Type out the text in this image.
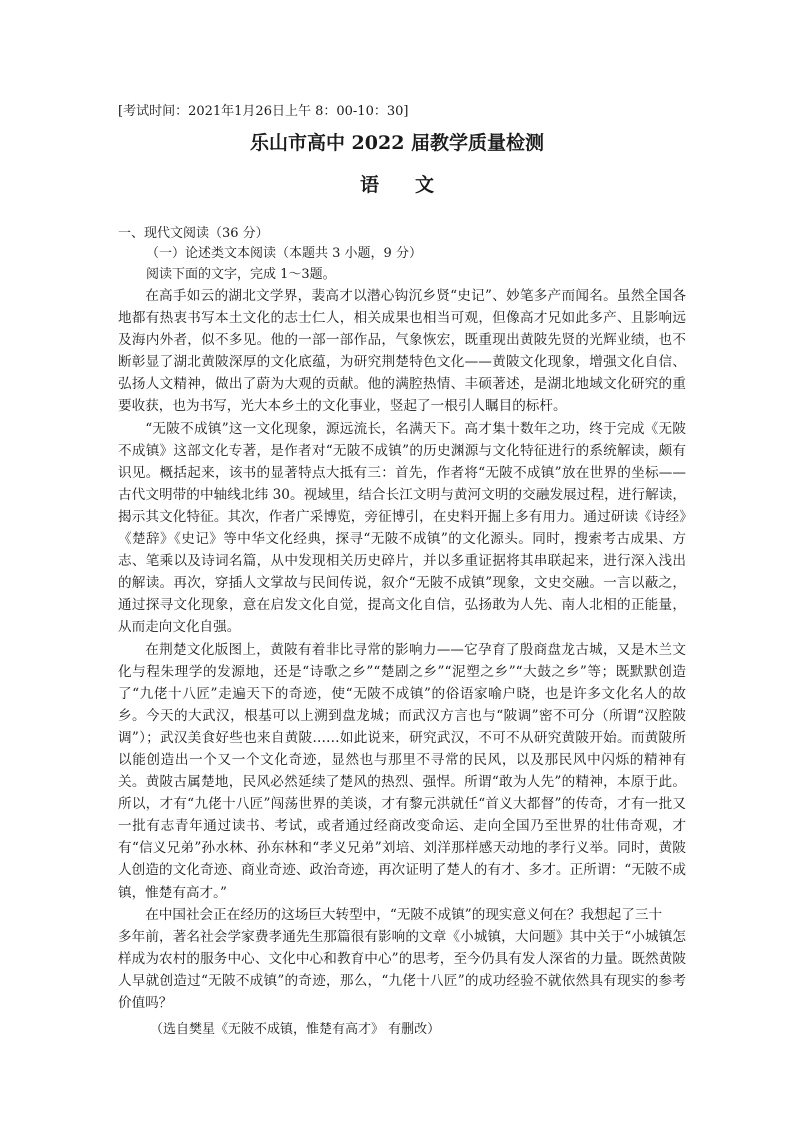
[考试时间：2021年1月26日上午 8：00-10：30]
乐山市高中 2022 届教学质量检测
语文
一、现代文阅读（36 分）
（一）论述类文本阅读（本题共 3 小题，9 分）
阅读下面的文字，完成 1～3题。

在高手如云的湖北文学界，裴高才以潜心钩沉乡贤“史记”、妙笔多产而闻名。虽然全国各地都有热衷书写本土文化的志士仁人，相关成果也相当可观，但像高才兄如此多产、且影响远及海内外者，似不多见。他的一部一部作品，气象恢宏，既重现出黄陂先贤的光辉业绩，也不断彰显了湖北黄陂深厚的文化底蕴，为研究荆楚特色文化——黄陂文化现象，增强文化自信、弘扬人文精神，做出了蔚为大观的贡献。他的满腔热情、丰硕著述，是湖北地域文化研究的重要收获，也为书写，光大本乡土的文化事业，竖起了一根引人瞩目的标杆。

“无陂不成镇”这一文化现象，源远流长，名满天下。高才集十数年之功，终于完成《无陂不成镇》这部文化专著，是作者对“无陂不成镇”的历史渊源与文化特征进行的系统解读，颇有识见。概括起来，该书的显著特点大抵有三：首先，作者将“无陂不成镇”放在世界的坐标——古代文明带的中轴线北纬 30。视域里，结合长江文明与黄河文明的交融发展过程，进行解读，揭示其文化特征。其次，作者广采博览，旁征博引，在史料开掘上多有用力。通过研读《诗经》《楚辞》《史记》等中华文化经典，探寻“无陂不成镇”的文化源头。同时，搜索考古成果、方志、笔乘以及诗词名篇，从中发现相关历史碎片，并以多重证据将其串联起来，进行深入浅出的解读。再次，穿插人文掌故与民间传说，叙介“无陂不成镇”现象，文史交融。一言以蔽之，通过探寻文化现象，意在启发文化自觉，提高文化自信，弘扬敢为人先、南人北相的正能量，从而走向文化自强。

在荆楚文化版图上，黄陂有着非比寻常的影响力——它孕育了殷商盘龙古城，又是木兰文化与程朱理学的发源地，还是“诗歌之乡”“楚剧之乡”“泥塑之乡”“大鼓之乡”等；既默默创造了“九佬十八匠”走遍天下的奇迹，使“无陂不成镇”的俗语家喻户晓，也是许多文化名人的故乡。今天的大武汉，根基可以上溯到盘龙城；而武汉方言也与“陂调”密不可分（所谓“汉腔陂调”）；武汉美食好些也来自黄陂……如此说来，研究武汉，不可不从研究黄陂开始。而黄陂所以能创造出一个又一个文化奇迹，显然也与那里不寻常的民风，以及那民风中闪烁的精神有关。黄陂古属楚地，民风必然延续了楚风的热烈、强悍。所谓“敢为人先”的精神，本原于此。所以，才有“九佬十八匠”闯荡世界的美谈，才有黎元洪就任“首义大都督”的传奇，才有一批又一批有志青年通过读书、考试，或者通过经商改变命运、走向全国乃至世界的壮伟奇观，才有“信义兄弟”孙水林、孙东林和“孝义兄弟”刘培、刘洋那样感天动地的孝行义举。同时，黄陂人创造的文化奇迹、商业奇迹、政治奇迹，再次证明了楚人的有才、多才。正所谓：“无陂不成镇，惟楚有高才。”

在中国社会正在经历的这场巨大转型中，“无陂不成镇”的现实意义何在？我想起了三十

多年前，著名社会学家费孝通先生那篇很有影响的文章《小城镇，大问题》其中关于“小城镇怎样成为农村的服务中心、文化中心和教育中心”的思考，至今仍具有发人深省的力量。既然黄陂人早就创造过“无陂不成镇”的奇迹，那么，“九佬十八匠”的成功经验不就依然具有现实的参考价值吗？

（选自樊星《无陂不成镇，惟楚有高才》 有删改）
